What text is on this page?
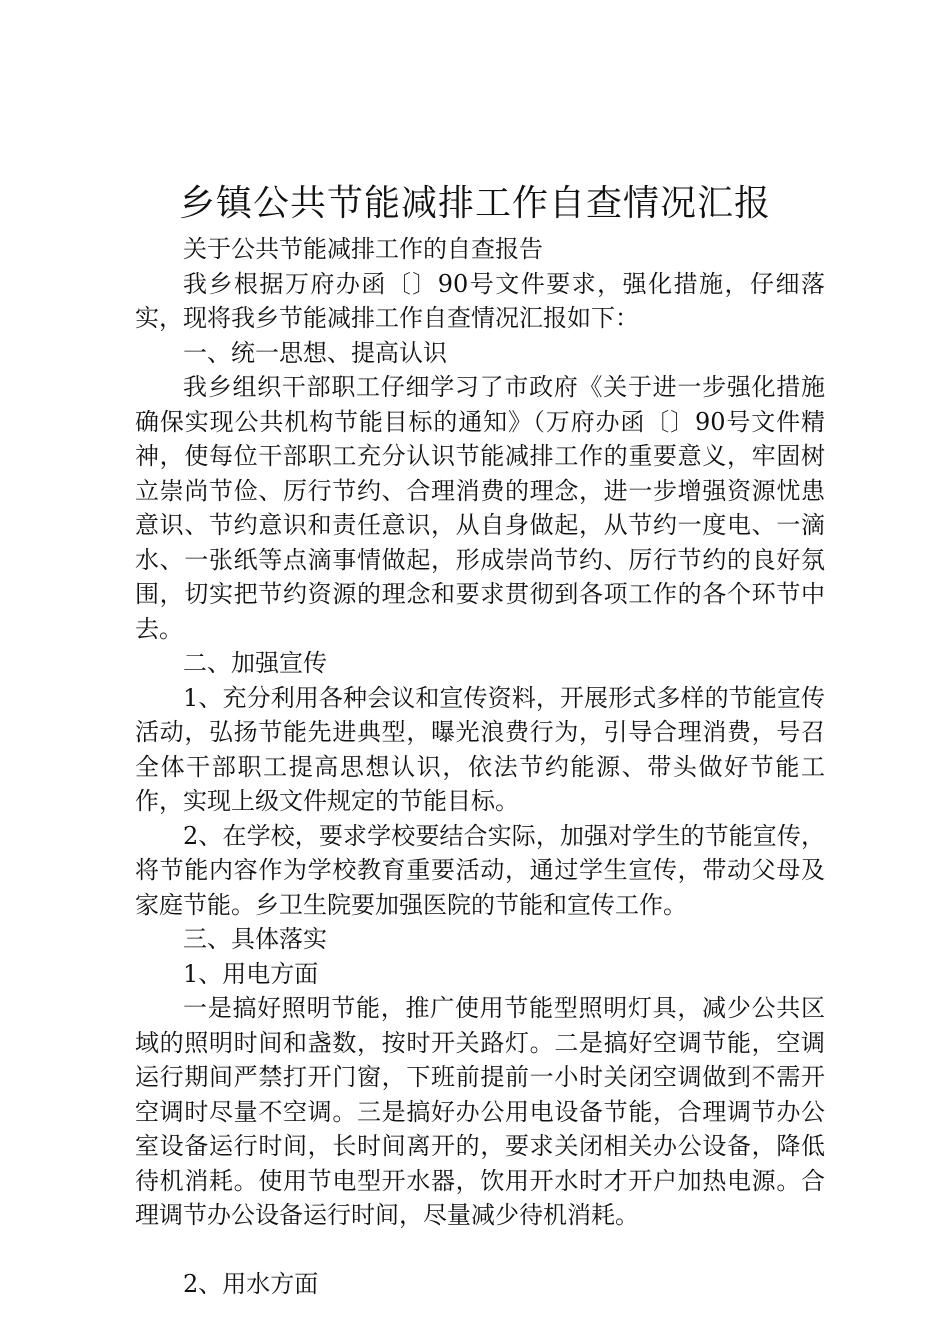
乡镇公共节能减排工作自查情况汇报

关于公共节能减排工作的自查报告

我乡根据万府办函〔〕90号文件要求，强化措施，仔细落实，现将我乡节能减排工作自查情况汇报如下：

一、统一思想、提高认识

我乡组织干部职工仔细学习了市政府《关于进一步强化措施确保实现公共机构节能目标的通知》（万府办函〔〕90号文件精神，使每位干部职工充分认识节能减排工作的重要意义，牢固树立崇尚节俭、厉行节约、合理消费的理念，进一步增强资源忧患意识、节约意识和责任意识，从自身做起，从节约一度电、一滴水、一张纸等点滴事情做起，形成崇尚节约、厉行节约的良好氛围，切实把节约资源的理念和要求贯彻到各项工作的各个环节中去。

二、加强宣传

1、充分利用各种会议和宣传资料，开展形式多样的节能宣传活动，弘扬节能先进典型，曝光浪费行为，引导合理消费，号召全体干部职工提高思想认识，依法节约能源、带头做好节能工作，实现上级文件规定的节能目标。

2、在学校，要求学校要结合实际，加强对学生的节能宣传，将节能内容作为学校教育重要活动，通过学生宣传，带动父母及家庭节能。乡卫生院要加强医院的节能和宣传工作。

三、具体落实

1、用电方面

一是搞好照明节能，推广使用节能型照明灯具，减少公共区域的照明时间和盏数，按时开关路灯。二是搞好空调节能，空调运行期间严禁打开门窗，下班前提前一小时关闭空调做到不需开空调时尽量不空调。三是搞好办公用电设备节能，合理调节办公室设备运行时间，长时间离开的，要求关闭相关办公设备，降低待机消耗。使用节电型开水器，饮用开水时才开户加热电源。合理调节办公设备运行时间，尽量减少待机消耗。

2、用水方面
